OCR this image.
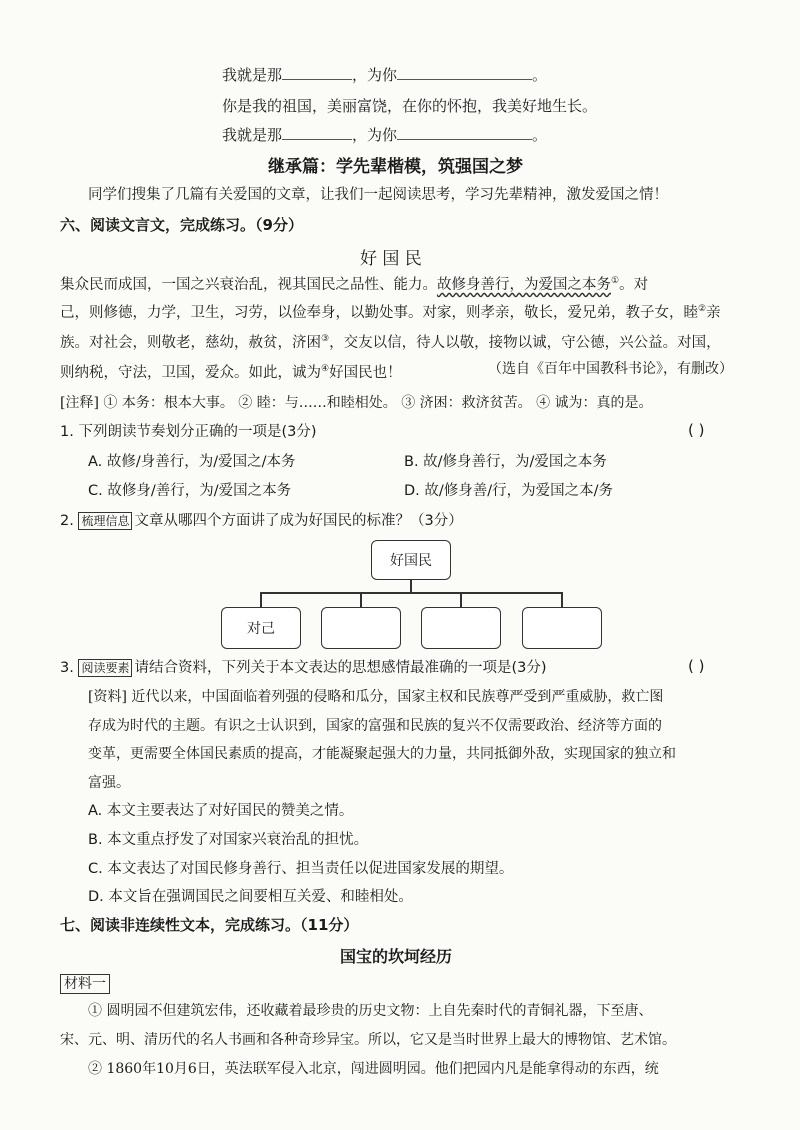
我就是那	，为你	。
你是我的祖国，美丽富饶，在你的怀抱，我美好地生长。
我就是那	，为你	。
继承篇：学先辈楷模，筑强国之梦
同学们搜集了几篇有关爱国的文章，让我们一起阅读思考，学习先辈精神，激发爱国之情！
六、阅读文言文，完成练习。（9分）
好 国 民
集众民而成国，一国之兴衰治乱，视其国民之品性、能力。故修身善行，为爱国之本务①。对
己，则修德，力学，卫生，习劳，以俭奉身，以勤处事。对家，则孝亲，敬长，爱兄弟，教子女，睦②亲
族。对社会，则敬老，慈幼，赦贫，济困③，交友以信，待人以敬，接物以诚，守公德，兴公益。对国，
则纳税，守法，卫国，爱众。如此，诚为④好国民也！	（选自《百年中国教科书论》，有删改）
[注释] ① 本务：根本大事。 ② 睦：与……和睦相处。 ③ 济困：救济贫苦。 ④ 诚为：真的是。
1. 下列朗读节奏划分正确的一项是(3分)	( )
A. 故修/身善行，为/爱国之/本务	B. 故/修身善行，为/爱国之本务
C. 故修身/善行，为/爱国之本务	D. 故/修身善/行，为爱国之本/务
2. 梳理信息 文章从哪四个方面讲了成为好国民的标准？（3分）
好国民
对己
3. 阅读要素 请结合资料，下列关于本文表达的思想感情最准确的一项是(3分)	( )
[资料] 近代以来，中国面临着列强的侵略和瓜分，国家主权和民族尊严受到严重威胁，救亡图
存成为时代的主题。有识之士认识到，国家的富强和民族的复兴不仅需要政治、经济等方面的
变革，更需要全体国民素质的提高，才能凝聚起强大的力量，共同抵御外敌，实现国家的独立和
富强。
A. 本文主要表达了对好国民的赞美之情。
B. 本文重点抒发了对国家兴衰治乱的担忧。
C. 本文表达了对国民修身善行、担当责任以促进国家发展的期望。
D. 本文旨在强调国民之间要相互关爱、和睦相处。
七、阅读非连续性文本，完成练习。（11分）
国宝的坎坷经历
材料一
① 圆明园不但建筑宏伟，还收藏着最珍贵的历史文物：上自先秦时代的青铜礼器，下至唐、
宋、元、明、清历代的名人书画和各种奇珍异宝。所以，它又是当时世界上最大的博物馆、艺术馆。
② 1860年10月6日，英法联军侵入北京，闯进圆明园。他们把园内凡是能拿得动的东西，统
